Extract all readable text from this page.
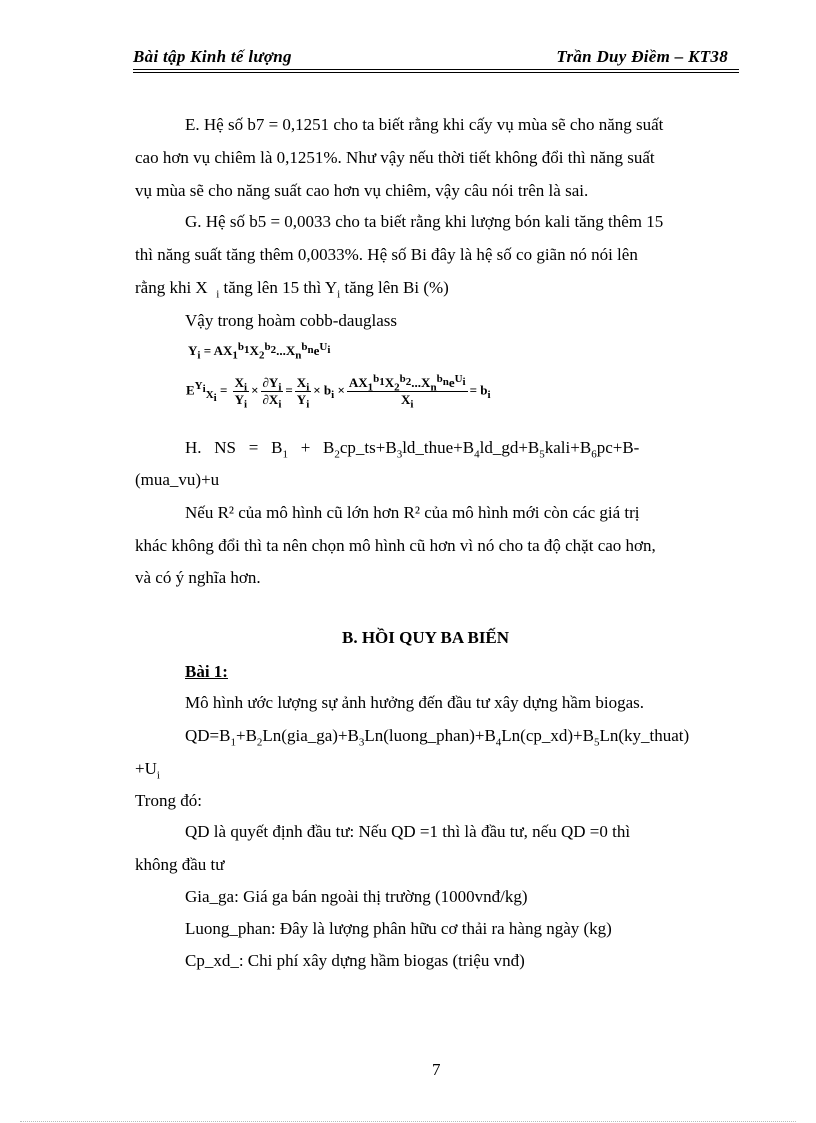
Bài tập Kinh tế lượng	Trần Duy Điềm – KT38
E. Hệ số b7 = 0,1251 cho ta biết rằng khi cấy vụ mùa sẽ cho năng suất
cao hơn vụ chiêm là 0,1251%. Như vậy nếu thời tiết không đổi thì năng suất
vụ mùa sẽ cho năng suất cao hơn vụ chiêm, vậy câu nói trên là sai.
G. Hệ số b5 = 0,0033 cho ta biết rằng khi lượng bón kali tăng thêm 15
thì năng suất tăng thêm 0,0033%. Hệ số Bi đây là hệ số co giãn nó nói lên
rằng khi X $_i$ tăng lên 15 thì $Y_i$ tăng lên Bi (%)
Vậy trong hoàm cobb-dauglass
$Y_i = AX_1^{b_1}X_2^{b_2}...X_n^{b_n}e^{U_i}$
$E^{Y_i}_{X_i} = \frac{X_i}{Y_i} \times \frac{\partial Y_i}{\partial X_i} = \frac{X_i}{Y_i} \times b_i \times \frac{AX_1^{b_1}X_2^{b_2}...X_n^{b_n}e^{U_i}}{X_i} = b_i$
H.   NS   =   $B_1$   +   $B_2cp\_ts+B_3ld\_thue+B_4ld\_gd+B_5kali+B_6pc+B-$
(mua_vu)+u
Nếu R² của mô hình cũ lớn hơn R² của mô hình mới còn các giá trị
khác không đổi thì ta nên chọn mô hình cũ hơn vì nó cho ta độ chặt cao hơn,
và có ý nghĩa hơn.
B. HỒI QUY BA BIẾN
Bài 1:
Mô hình ước lượng sự ảnh hưởng đến đầu tư xây dựng hầm biogas.
$QD=B_1+B_2Ln(gia\_ga)+B_3Ln(luong\_phan)+B_4Ln(cp\_xd)+B_5Ln(ky\_thuat)$
$+U_i$
Trong đó:
QD là quyết định đầu tư: Nếu QD =1 thì là đầu tư, nếu QD =0 thì
không đầu tư
Gia_ga: Giá ga bán ngoài thị trường (1000vnđ/kg)
Luong_phan: Đây là lượng phân hữu cơ thải ra hàng ngày (kg)
Cp_xd_: Chi phí xây dựng hầm biogas (triệu vnđ)
7
